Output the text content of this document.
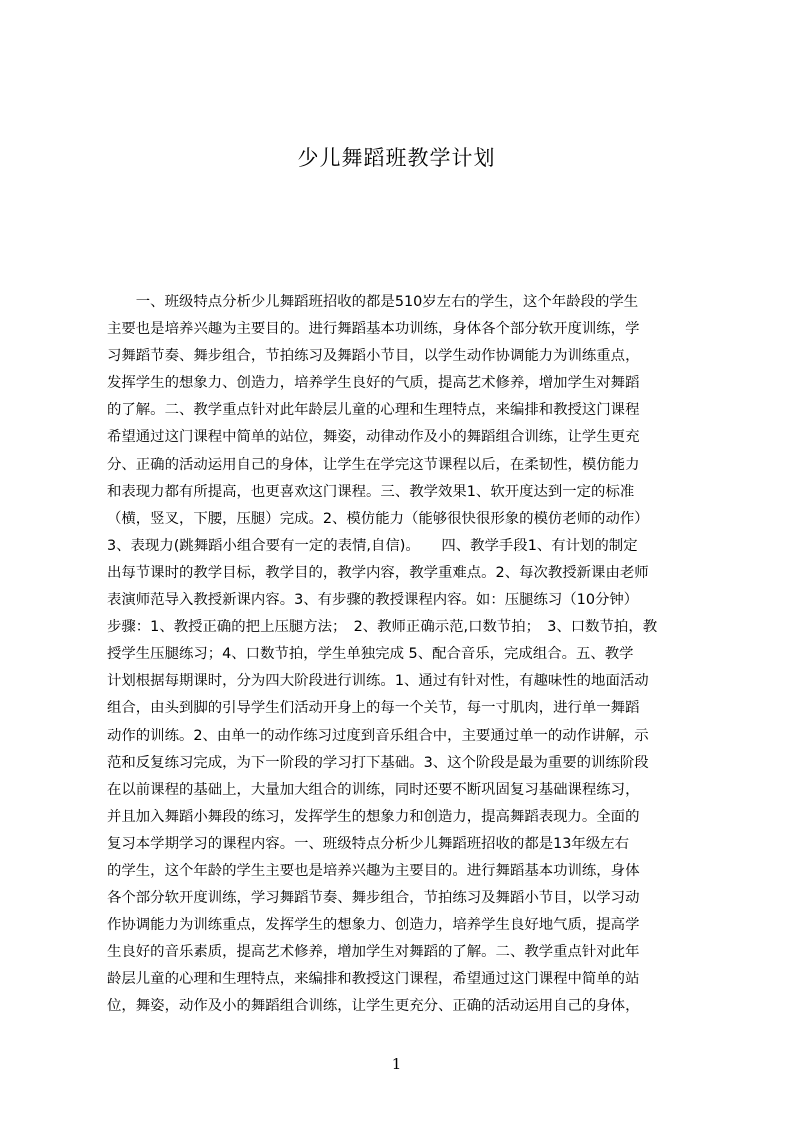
少儿舞蹈班教学计划
　　一、班级特点分析少儿舞蹈班招收的都是510岁左右的学生，这个年龄段的学生
主要也是培养兴趣为主要目的。进行舞蹈基本功训练，身体各个部分软开度训练，学
习舞蹈节奏、舞步组合，节拍练习及舞蹈小节目，以学生动作协调能力为训练重点，
发挥学生的想象力、创造力，培养学生良好的气质，提高艺术修养，增加学生对舞蹈
的了解。二、教学重点针对此年龄层儿童的心理和生理特点，来编排和教授这门课程
希望通过这门课程中简单的站位，舞姿，动律动作及小的舞蹈组合训练，让学生更充
分、正确的活动运用自己的身体，让学生在学完这节课程以后，在柔韧性，模仿能力
和表现力都有所提高，也更喜欢这门课程。三、教学效果1、软开度达到一定的标准
（横，竖叉，下腰，压腿）完成。2、模仿能力（能够很快很形象的模仿老师的动作）
3、表现力(跳舞蹈小组合要有一定的表情,自信)。　　四、教学手段1、有计划的制定
出每节课时的教学目标，教学目的，教学内容，教学重难点。2、每次教授新课由老师
表演师范导入教授新课内容。3、有步骤的教授课程内容。如：压腿练习（10分钟）
步骤：1、教授正确的把上压腿方法；　2、教师正确示范,口数节拍；　3、口数节拍，教
授学生压腿练习；4、口数节拍，学生单独完成 5、配合音乐，完成组合。五、教学
计划根据每期课时，分为四大阶段进行训练。1、通过有针对性，有趣味性的地面活动
组合，由头到脚的引导学生们活动开身上的每一个关节，每一寸肌肉，进行单一舞蹈
动作的训练。2、由单一的动作练习过度到音乐组合中，主要通过单一的动作讲解，示
范和反复练习完成，为下一阶段的学习打下基础。3、这个阶段是最为重要的训练阶段
在以前课程的基础上，大量加大组合的训练，同时还要不断巩固复习基础课程练习，
并且加入舞蹈小舞段的练习，发挥学生的想象力和创造力，提高舞蹈表现力。全面的
复习本学期学习的课程内容。一、班级特点分析少儿舞蹈班招收的都是13年级左右
的学生，这个年龄的学生主要也是培养兴趣为主要目的。进行舞蹈基本功训练，身体
各个部分软开度训练，学习舞蹈节奏、舞步组合，节拍练习及舞蹈小节目，以学习动
作协调能力为训练重点，发挥学生的想象力、创造力，培养学生良好地气质，提高学
生良好的音乐素质，提高艺术修养，增加学生对舞蹈的了解。二、教学重点针对此年
龄层儿童的心理和生理特点，来编排和教授这门课程，希望通过这门课程中简单的站
位，舞姿，动作及小的舞蹈组合训练，让学生更充分、正确的活动运用自己的身体，
1
